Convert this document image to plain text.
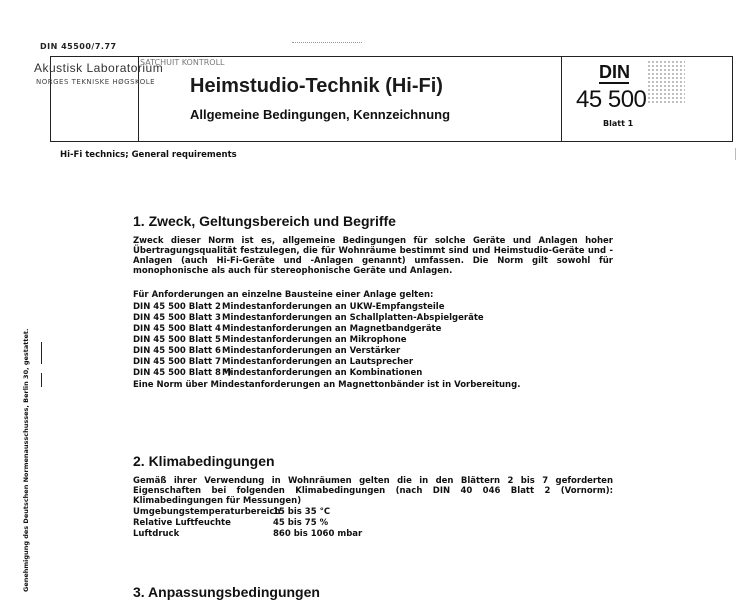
DIN 45500/7.77
Akustisk Laboratorium
NORGES TEKNISKE HØGSKOLE
SATCHUIT KONTROLL
Heimstudio-Technik (Hi-Fi)
Allgemeine Bedingungen, Kennzeichnung
DIN
45 500
Blatt 1
Hi-Fi technics; General requirements
1. Zweck, Geltungsbereich und Begriffe
Zweck dieser Norm ist es, allgemeine Bedingungen für solche Geräte und Anlagen hoher Übertragungsqualität festzulegen, die für Wohnräume bestimmt sind und Heimstudio-Geräte und -Anlagen (auch Hi-Fi-Geräte und -Anlagen genannt) umfassen. Die Norm gilt sowohl für monophonische als auch für stereophonische Geräte und Anlagen.
Für Anforderungen an einzelne Bausteine einer Anlage gelten:
DIN 45 500 Blatt 2Mindestanforderungen an UKW-Empfangsteile
DIN 45 500 Blatt 3Mindestanforderungen an Schallplatten-Abspielgeräte
DIN 45 500 Blatt 4Mindestanforderungen an Magnetbandgeräte
DIN 45 500 Blatt 5Mindestanforderungen an Mikrophone
DIN 45 500 Blatt 6Mindestanforderungen an Verstärker
DIN 45 500 Blatt 7Mindestanforderungen an Lautsprecher
DIN 45 500 Blatt 8 ¹)Mindestanforderungen an Kombinationen
Eine Norm über Mindestanforderungen an Magnettonbänder ist in Vorbereitung.
2. Klimabedingungen
Gemäß ihrer Verwendung in Wohnräumen gelten die in den Blättern 2 bis 7 geforderten Eigenschaften bei folgenden Klimabedingungen (nach DIN 40 046 Blatt 2 (Vornorm): Klimabedingungen für Messungen)
Umgebungstemperaturbereich15 bis 35 °C
Relative Luftfeuchte	45 bis 75 %
Luftdruck	860 bis 1060 mbar
3. Anpassungsbedingungen
Genehmigung des Deutschen Normenausschusses, Berlin 30, gestattet.
